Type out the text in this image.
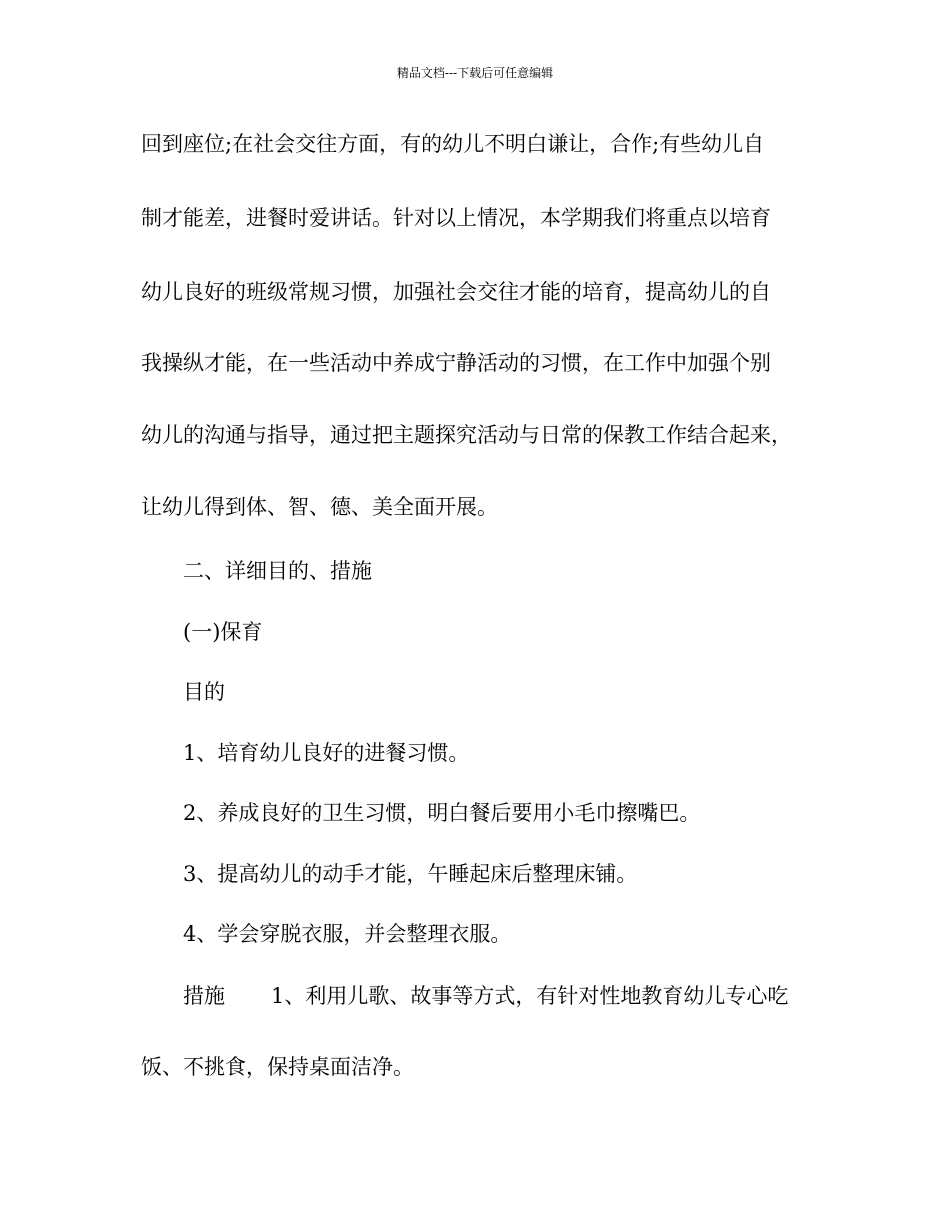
精品文档---下载后可任意编辑
回到座位;在社会交往方面，有的幼儿不明白谦让，合作;有些幼儿自
制才能差，进餐时爱讲话。针对以上情况，本学期我们将重点以培育
幼儿良好的班级常规习惯，加强社会交往才能的培育，提高幼儿的自
我操纵才能，在一些活动中养成宁静活动的习惯，在工作中加强个别
幼儿的沟通与指导，通过把主题探究活动与日常的保教工作结合起来，
让幼儿得到体、智、德、美全面开展。
二、详细目的、措施
(一)保育
目的
1、培育幼儿良好的进餐习惯。
2、养成良好的卫生习惯，明白餐后要用小毛巾擦嘴巴。
3、提高幼儿的动手才能，午睡起床后整理床铺。
4、学会穿脱衣服，并会整理衣服。
措施 1、利用儿歌、故事等方式，有针对性地教育幼儿专心吃
饭、不挑食，保持桌面洁净。
